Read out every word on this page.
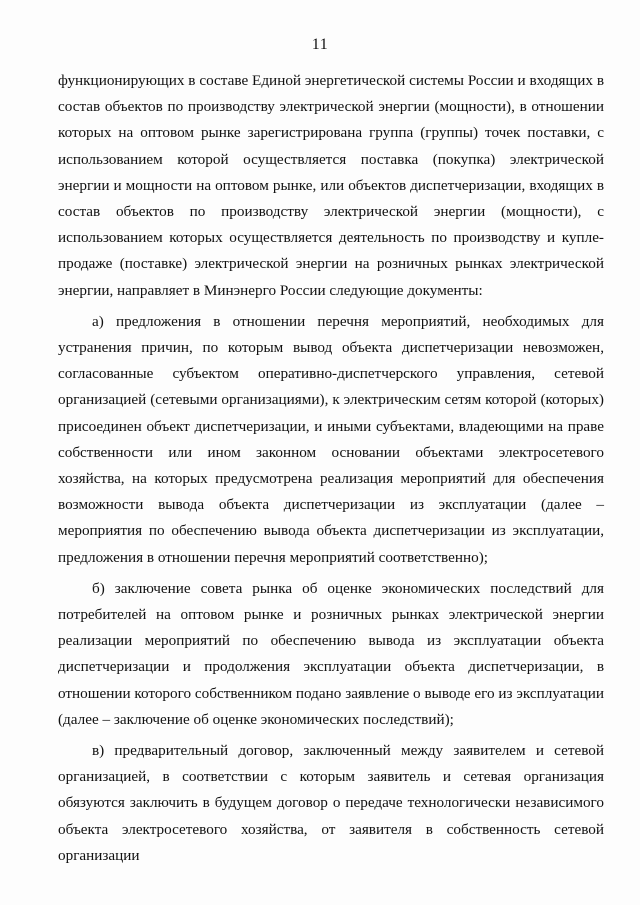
11

функционирующих в составе Единой энергетической системы России и входящих в состав объектов по производству электрической энергии (мощности), в отношении которых на оптовом рынке зарегистрирована группа (группы) точек поставки, с использованием которой осуществляется поставка (покупка) электрической энергии и мощности на оптовом рынке, или объектов диспетчеризации, входящих в состав объектов по производству электрической энергии (мощности), с использованием которых осуществляется деятельность по производству и купле-продаже (поставке) электрической энергии на розничных рынках электрической энергии, направляет в Минэнерго России следующие документы:

а) предложения в отношении перечня мероприятий, необходимых для устранения причин, по которым вывод объекта диспетчеризации невозможен, согласованные субъектом оперативно-диспетчерского управления, сетевой организацией (сетевыми организациями), к электрическим сетям которой (которых) присоединен объект диспетчеризации, и иными субъектами, владеющими на праве собственности или ином законном основании объектами электросетевого хозяйства, на которых предусмотрена реализация мероприятий для обеспечения возможности вывода объекта диспетчеризации из эксплуатации (далее – мероприятия по обеспечению вывода объекта диспетчеризации из эксплуатации, предложения в отношении перечня мероприятий соответственно);

б) заключение совета рынка об оценке экономических последствий для потребителей на оптовом рынке и розничных рынках электрической энергии реализации мероприятий по обеспечению вывода из эксплуатации объекта диспетчеризации и продолжения эксплуатации объекта диспетчеризации, в отношении которого собственником подано заявление о выводе его из эксплуатации (далее – заключение об оценке экономических последствий);

в) предварительный договор, заключенный между заявителем и сетевой организацией, в соответствии с которым заявитель и сетевая организация обязуются заключить в будущем договор о передаче технологически независимого объекта электросетевого хозяйства, от заявителя в собственность сетевой организации
